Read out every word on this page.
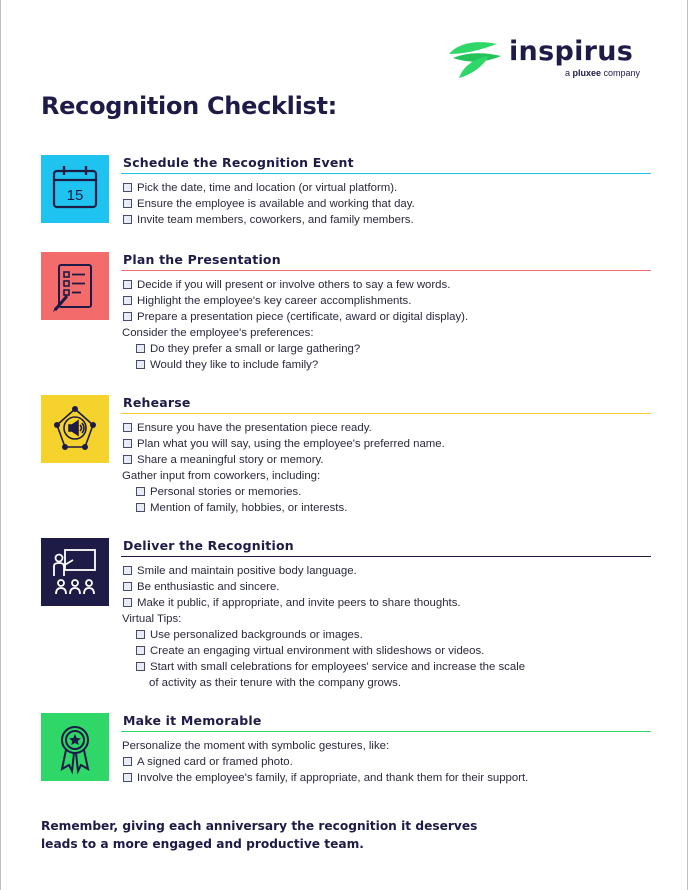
inspirus
a pluxee company
Recognition Checklist:
15
Schedule the Recognition Event
Pick the date, time and location (or virtual platform).
Ensure the employee is available and working that day.
Invite team members, coworkers, and family members.
Plan the Presentation
Decide if you will present or involve others to say a few words.
Highlight the employee's key career accomplishments.
Prepare a presentation piece (certificate, award or digital display).
Consider the employee's preferences:
Do they prefer a small or large gathering?
Would they like to include family?
Rehearse
Ensure you have the presentation piece ready.
Plan what you will say, using the employee's preferred name.
Share a meaningful story or memory.
Gather input from coworkers, including:
Personal stories or memories.
Mention of family, hobbies, or interests.
Deliver the Recognition
Smile and maintain positive body language.
Be enthusiastic and sincere.
Make it public, if appropriate, and invite peers to share thoughts.
Virtual Tips:
Use personalized backgrounds or images.
Create an engaging virtual environment with slideshows or videos.
Start with small celebrations for employees' service and increase the scale
of activity as their tenure with the company grows.
Make it Memorable
Personalize the moment with symbolic gestures, like:
A signed card or framed photo.
Involve the employee's family, if appropriate, and thank them for their support.
Remember, giving each anniversary the recognition it deserves
leads to a more engaged and productive team.
